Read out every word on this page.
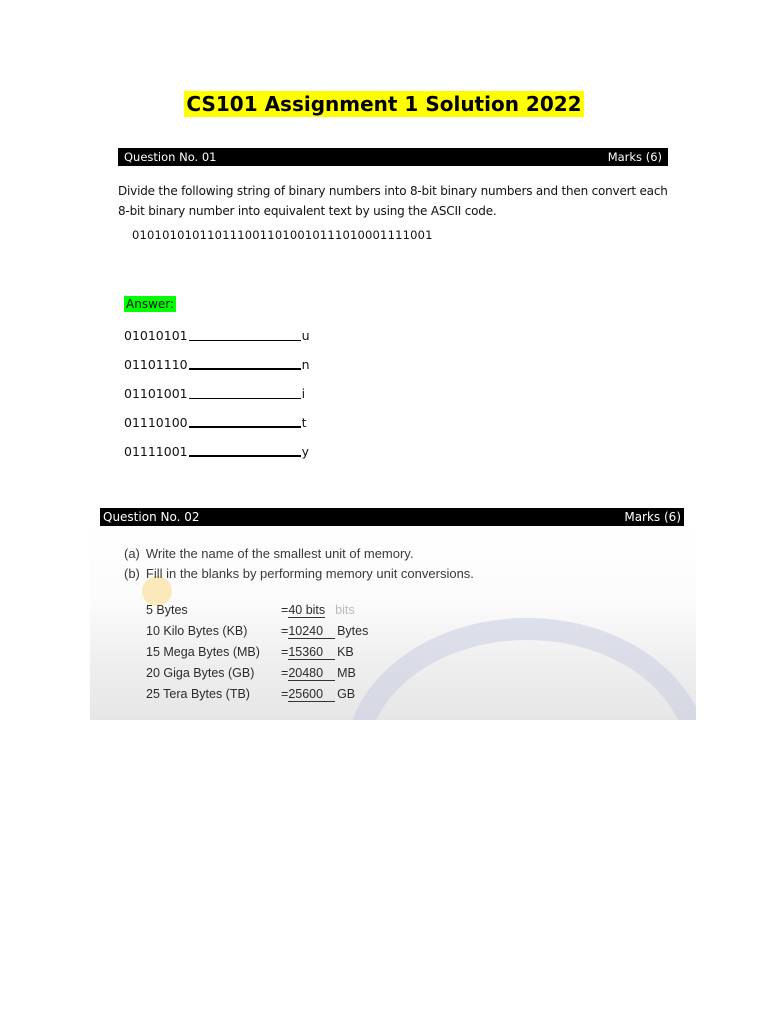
CS101 Assignment 1 Solution 2022
Question No. 01	Marks (6)
Divide the following string of binary numbers into 8-bit binary numbers and then convert each 8-bit binary number into equivalent text by using the ASCII code.
0101010101101110011010010111010001111001
Answer:
01010101	u
01101110	n
01101001	i
01110100	t
01111001	y
Question No. 02	Marks (6)
(a) Write the name of the smallest unit of memory.
(b) Fill in the blanks by performing memory unit conversions.
5 Bytes	= 40 bits bits
10 Kilo Bytes (KB)	= 10240	Bytes
15 Mega Bytes (MB)	= 15360	KB
20 Giga Bytes (GB)	= 20480	MB
25 Tera Bytes (TB)	= 25600	GB
